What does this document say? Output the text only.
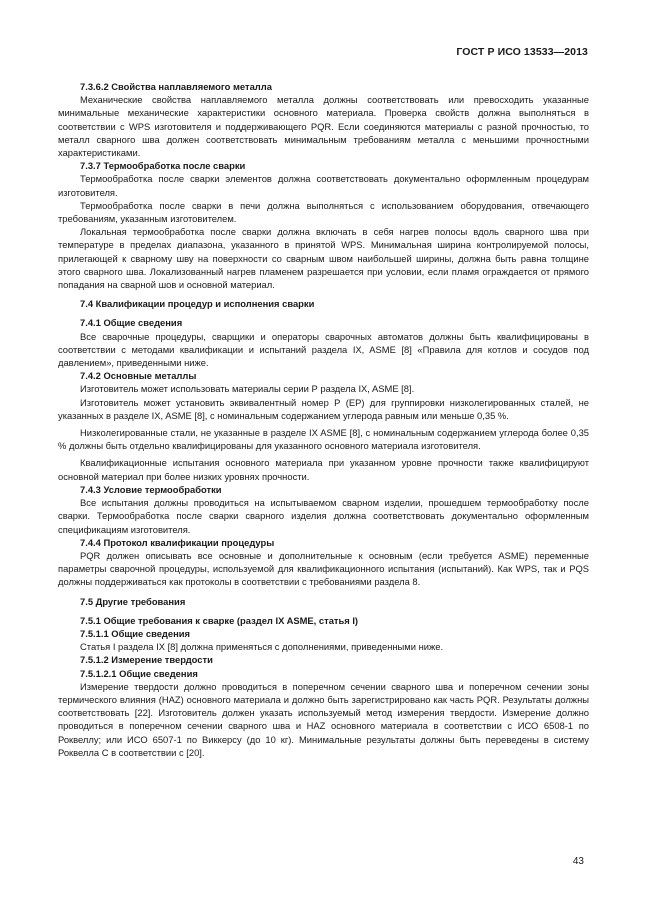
ГОСТ Р ИСО 13533—2013

7.3.6.2 Свойства наплавляемого металла

Механические свойства наплавляемого металла должны соответствовать или превосходить указанные минимальные механические характеристики основного материала. Проверка свойств должна выполняться в соответствии с WPS изготовителя и поддерживающего PQR. Если соединяются материалы с разной прочностью, то металл сварного шва должен соответствовать минимальным требованиям металла с меньшими прочностными характеристиками.

7.3.7 Термообработка после сварки

Термообработка после сварки элементов должна соответствовать документально оформленным процедурам изготовителя.

Термообработка после сварки в печи должна выполняться с использованием оборудования, отвечающего требованиям, указанным изготовителем.

Локальная термообработка после сварки должна включать в себя нагрев полосы вдоль сварного шва при температуре в пределах диапазона, указанного в принятой WPS. Минимальная ширина контролируемой полосы, прилегающей к сварному шву на поверхности со сварным швом наибольшей ширины, должна быть равна толщине этого сварного шва. Локализованный нагрев пламенем разрешается при условии, если пламя ограждается от прямого попадания на сварной шов и основной материал.

7.4 Квалификации процедур и исполнения сварки

7.4.1 Общие сведения

Все сварочные процедуры, сварщики и операторы сварочных автоматов должны быть квалифицированы в соответствии с методами квалификации и испытаний раздела IX, ASME [8] «Правила для котлов и сосудов под давлением», приведенными ниже.

7.4.2 Основные металлы

Изготовитель может использовать материалы серии Р раздела IX, ASME [8].

Изготовитель может установить эквивалентный номер Р (ЕР) для группировки низколегированных сталей, не указанных в разделе IX, ASME [8], с номинальным содержанием углерода равным или меньше 0,35 %.

Низколегированные стали, не указанные в разделе IX ASME [8], с номинальным содержанием углерода более 0,35 % должны быть отдельно квалифицированы для указанного основного материала изготовителя.

Квалификационные испытания основного материала при указанном уровне прочности также квалифицируют основной материал при более низких уровнях прочности.

7.4.3 Условие термообработки

Все испытания должны проводиться на испытываемом сварном изделии, прошедшем термообработку после сварки. Термообработка после сварки сварного изделия должна соответствовать документально оформленным спецификациям изготовителя.

7.4.4 Протокол квалификации процедуры

PQR должен описывать все основные и дополнительные к основным (если требуется ASME) переменные параметры сварочной процедуры, используемой для квалификационного испытания (испытаний). Как WPS, так и PQS должны поддерживаться как протоколы в соответствии с требованиями раздела 8.

7.5 Другие требования

7.5.1 Общие требования к сварке (раздел IX ASME, статья I)

7.5.1.1 Общие сведения

Статья I раздела IX [8] должна применяться с дополнениями, приведенными ниже.

7.5.1.2 Измерение твердости

7.5.1.2.1 Общие сведения

Измерение твердости должно проводиться в поперечном сечении сварного шва и поперечном сечении зоны термического влияния (HAZ) основного материала и должно быть зарегистрировано как часть PQR. Результаты должны соответствовать [22]. Изготовитель должен указать используемый метод измерения твердости. Измерение должно проводиться в поперечном сечении сварного шва и HAZ основного материала в соответствии с ИСО 6508-1 по Роквеллу; или ИСО 6507-1 по Виккерсу (до 10 кг). Минимальные результаты должны быть переведены в систему Роквелла С в соответствии с [20].

43
